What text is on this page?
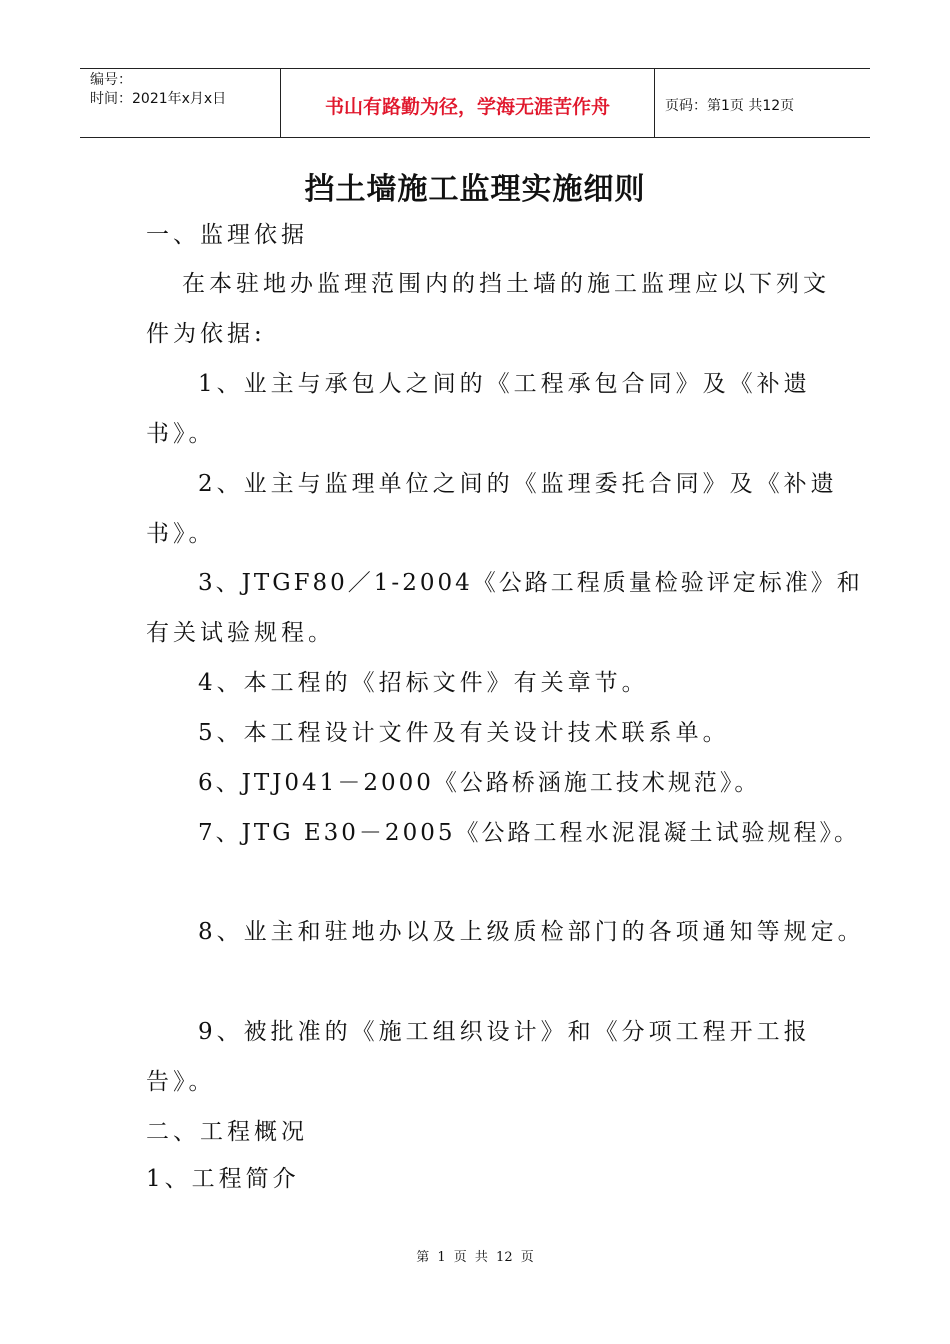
编号：
时间：2021年x月x日	书山有路勤为径，学海无涯苦作舟	页码：第1页 共12页
挡土墙施工监理实施细则
一、监理依据
在本驻地办监理范围内的挡土墙的施工监理应以下列文
件为依据:
1、业主与承包人之间的《工程承包合同》及《补遗
书》。
2、业主与监理单位之间的《监理委托合同》及《补遗
书》。
3、JTGF80／1-2004《公路工程质量检验评定标准》和
有关试验规程。
4、本工程的《招标文件》有关章节。
5、本工程设计文件及有关设计技术联系单。
6、JTJ041－2000《公路桥涵施工技术规范》。
7、JTG E30－2005《公路工程水泥混凝土试验规程》。
8、业主和驻地办以及上级质检部门的各项通知等规定。
9、被批准的《施工组织设计》和《分项工程开工报
告》。
二、工程概况
1、工程简介
第 1 页 共 12 页
